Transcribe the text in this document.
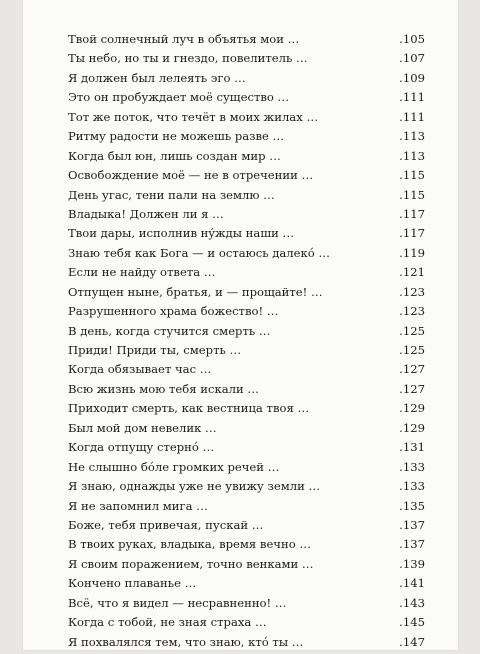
Твой солнечный луч в объятья мои …	.105
Ты небо, но ты и гнездо, повелитель …	.107
Я должен был лелеять эго …	.109
Это он пробуждает моё существо …	.111
Тот же поток, что течёт в моих жилах …	.111
Ритму радости не можешь разве …	.113
Когда был юн, лишь создан мир …	.113
Освобождение моё — не в отречении …	.115
День угас, тени пали на землю …	.115
Владыка! Должен ли я …	.117
Твои дары, исполнив нýжды наши …	.117
Знаю тебя как Бога — и остаюсь далекó …	.119
Если не найду ответа …	.121
Отпущен ныне, братья, и — прощайте! …	.123
Разрушенного храма божество! …	.123
В день, когда стучится смерть …	.125
Приди! Приди ты, смерть …	.125
Когда обязывает час …	.127
Всю жизнь мою тебя искали …	.127
Приходит смерть, как вестница твоя …	.129
Был мой дом невелик …	.129
Когда отпущу стернó …	.131
Не слышно бóле громких речей …	.133
Я знаю, однажды уже не увижу земли …	.133
Я не запомнил мига …	.135
Боже, тебя привечая, пускай …	.137
В твоих руках, владыка, время вечно …	.137
Я своим поражением, точно венками …	.139
Кончено плаванье …	.141
Всё, что я видел — несравненно! …	.143
Когда с тобой, не зная страха …	.145
Я похвалялся тем, что знаю, ктó ты …	.147
